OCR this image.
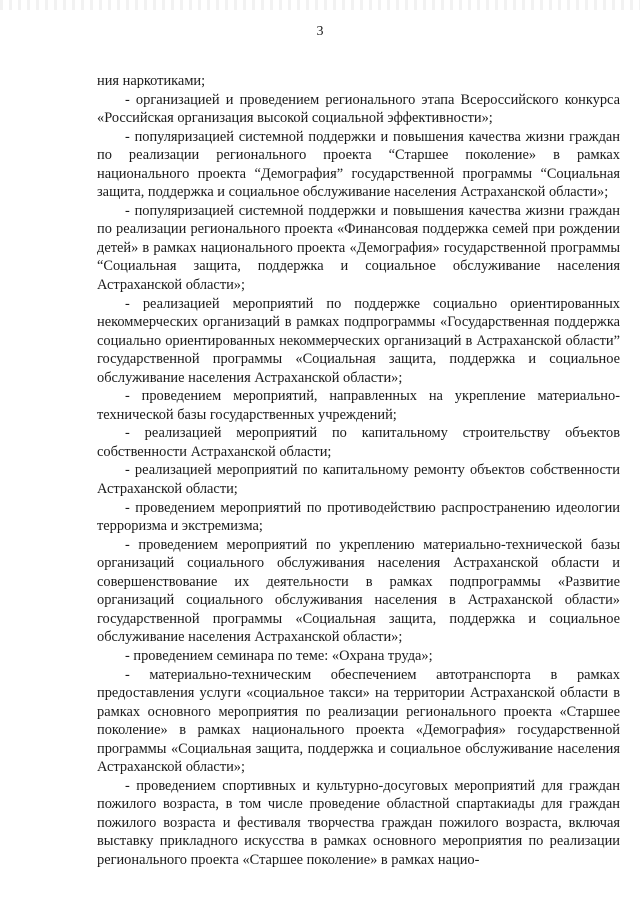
3

ния наркотиками;

- организацией и проведением регионального этапа Всероссийского конкурса «Российская организация высокой социальной эффективности»;

- популяризацией системной поддержки и повышения качества жизни граждан по реализации регионального проекта “Старшее поколение» в рамках национального проекта “Демография” государственной программы “Социальная защита, поддержка и социальное обслуживание населения Астраханской области»;

- популяризацией системной поддержки и повышения качества жизни граждан по реализации регионального проекта «Финансовая поддержка семей при рождении детей» в рамках национального проекта «Демография» государственной программы “Социальная защита, поддержка и социальное обслуживание населения Астраханской области»;

- реализацией мероприятий по поддержке социально ориентированных некоммерческих организаций в рамках подпрограммы «Государственная поддержка социально ориентированных некоммерческих организаций в Астраханской области” государственной программы «Социальная защита, поддержка и социальное обслуживание населения Астраханской области»;

- проведением мероприятий, направленных на укрепление материально-технической базы государственных учреждений;

- реализацией мероприятий по капитальному строительству объектов собственности Астраханской области;

- реализацией мероприятий по капитальному ремонту объектов собственности Астраханской области;

- проведением мероприятий по противодействию распространению идеологии терроризма и экстремизма;

- проведением мероприятий по укреплению материально-технической базы организаций социального обслуживания населения Астраханской области и совершенствование их деятельности в рамках подпрограммы «Развитие организаций социального обслуживания населения в Астраханской области» государственной программы «Социальная защита, поддержка и социальное обслуживание населения Астраханской области»;

- проведением семинара по теме: «Охрана труда»;

- материально-техническим обеспечением автотранспорта в рамках предоставления услуги «социальное такси» на территории Астраханской области в рамках основного мероприятия по реализации регионального проекта «Старшее поколение» в рамках национального проекта «Демография» государственной программы «Социальная защита, поддержка и социальное обслуживание населения Астраханской области»;

- проведением спортивных и культурно-досуговых мероприятий для граждан пожилого возраста, в том числе проведение областной спартакиады для граждан пожилого возраста и фестиваля творчества граждан пожилого возраста, включая выставку прикладного искусства в рамках основного мероприятия по реализации регионального проекта «Старшее поколение» в рамках нацио-
